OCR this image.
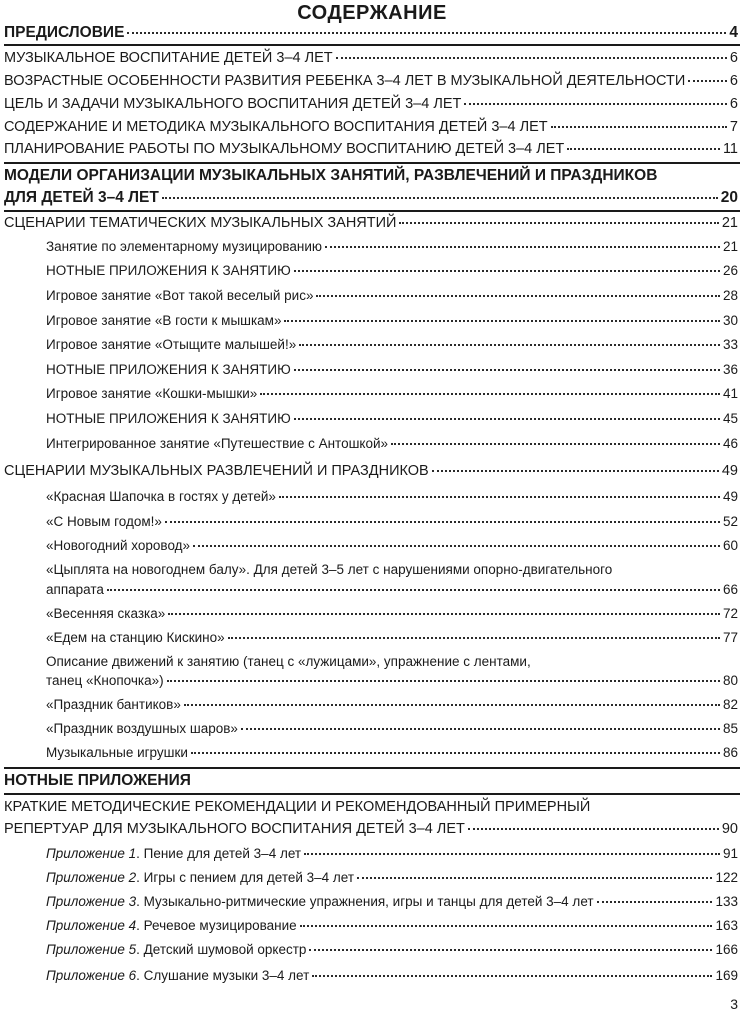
СОДЕРЖАНИЕ
ПРЕДИСЛОВИЕ	4
МУЗЫКАЛЬНОЕ ВОСПИТАНИЕ ДЕТЕЙ 3–4 ЛЕТ	6
ВОЗРАСТНЫЕ ОСОБЕННОСТИ РАЗВИТИЯ РЕБЕНКА 3–4 ЛЕТ В МУЗЫКАЛЬНОЙ ДЕЯТЕЛЬНОСТИ	6
ЦЕЛЬ И ЗАДАЧИ МУЗЫКАЛЬНОГО ВОСПИТАНИЯ ДЕТЕЙ 3–4 ЛЕТ	6
СОДЕРЖАНИЕ И МЕТОДИКА МУЗЫКАЛЬНОГО ВОСПИТАНИЯ ДЕТЕЙ 3–4 ЛЕТ	7
ПЛАНИРОВАНИЕ РАБОТЫ ПО МУЗЫКАЛЬНОМУ ВОСПИТАНИЮ ДЕТЕЙ 3–4 ЛЕТ	11
МОДЕЛИ ОРГАНИЗАЦИИ МУЗЫКАЛЬНЫХ ЗАНЯТИЙ, РАЗВЛЕЧЕНИЙ И ПРАЗДНИКОВ
ДЛЯ ДЕТЕЙ 3–4 ЛЕТ	20
СЦЕНАРИИ ТЕМАТИЧЕСКИХ МУЗЫКАЛЬНЫХ ЗАНЯТИЙ	21
Занятие по элементарному музицированию	21
НОТНЫЕ ПРИЛОЖЕНИЯ К ЗАНЯТИЮ	26
Игровое занятие «Вот такой веселый рис»	28
Игровое занятие «В гости к мышкам»	30
Игровое занятие «Отыщите малышей!»	33
НОТНЫЕ ПРИЛОЖЕНИЯ К ЗАНЯТИЮ	36
Игровое занятие «Кошки-мышки»	41
НОТНЫЕ ПРИЛОЖЕНИЯ К ЗАНЯТИЮ	45
Интегрированное занятие «Путешествие с Антошкой»	46
СЦЕНАРИИ МУЗЫКАЛЬНЫХ РАЗВЛЕЧЕНИЙ И ПРАЗДНИКОВ	49
«Красная Шапочка в гостях у детей»	49
«С Новым годом!»	52
«Новогодний хоровод»	60
«Цыплята на новогоднем балу». Для детей 3–5 лет с нарушениями опорно-двигательного
аппарата	66
«Весенняя сказка»	72
«Едем на станцию Кискино»	77
Описание движений к занятию (танец с «лужицами», упражнение с лентами,
танец «Кнопочка»)	80
«Праздник бантиков»	82
«Праздник воздушных шаров»	85
Музыкальные игрушки	86
НОТНЫЕ ПРИЛОЖЕНИЯ
КРАТКИЕ МЕТОДИЧЕСКИЕ РЕКОМЕНДАЦИИ И РЕКОМЕНДОВАННЫЙ ПРИМЕРНЫЙ
РЕПЕРТУАР ДЛЯ МУЗЫКАЛЬНОГО ВОСПИТАНИЯ ДЕТЕЙ 3–4 ЛЕТ	90
Приложение 1. Пение для детей 3–4 лет	91
Приложение 2. Игры с пением для детей 3–4 лет	122
Приложение 3. Музыкально-ритмические упражнения, игры и танцы для детей 3–4 лет	133
Приложение 4. Речевое музицирование	163
Приложение 5. Детский шумовой оркестр	166
Приложение 6. Слушание музыки 3–4 лет	169
3
